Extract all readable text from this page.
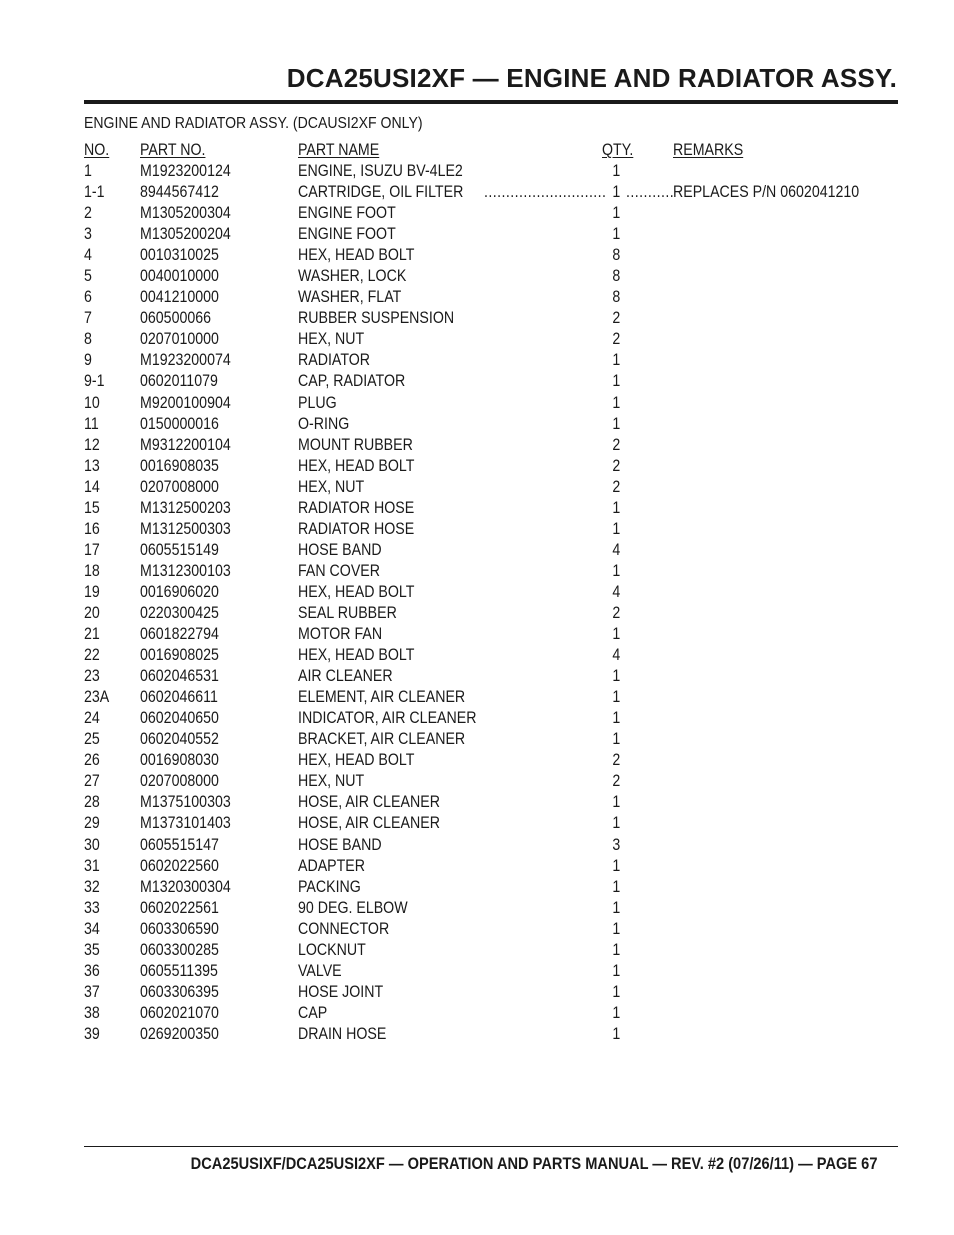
DCA25USI2XF — ENGINE AND RADIATOR ASSY.
ENGINE AND RADIATOR ASSY. (DCAUSI2XF ONLY)
NO. PART NO.	PART NAME	QTY. REMARKS
1	M1923200124	ENGINE, ISUZU BV-4LE2	1
1-1 8944567412	CARTRIDGE, OIL FILTER	1	REPLACES P/N 0602041210
............................ ...........
2	M1305200304	ENGINE FOOT	1
3	M1305200204	ENGINE FOOT	1
4	0010310025	HEX, HEAD BOLT	8
5	0040010000	WASHER, LOCK	8
6	0041210000	WASHER, FLAT	8
7	060500066	RUBBER SUSPENSION	2
8	0207010000	HEX, NUT	2
9	M1923200074	RADIATOR	1
9-1 0602011079	CAP, RADIATOR	1
10 M9200100904	PLUG	1
11	0150000016	O-RING	1
12 M9312200104	MOUNT RUBBER	2
13 0016908035	HEX, HEAD BOLT	2
14 0207008000	HEX, NUT	2
15 M1312500203	RADIATOR HOSE	1
16 M1312500303	RADIATOR HOSE	1
17 0605515149	HOSE BAND	4
18 M1312300103	FAN COVER	1
19 0016906020	HEX, HEAD BOLT	4
20 0220300425	SEAL RUBBER	2
21 0601822794	MOTOR FAN	1
22 0016908025	HEX, HEAD BOLT	4
23 0602046531	AIR CLEANER	1
23A 0602046611	ELEMENT, AIR CLEANER	1
24 0602040650	INDICATOR, AIR CLEANER	1
25 0602040552	BRACKET, AIR CLEANER	1
26 0016908030	HEX, HEAD BOLT	2
27 0207008000	HEX, NUT	2
28 M1375100303	HOSE, AIR CLEANER	1
29 M1373101403	HOSE, AIR CLEANER	1
30 0605515147	HOSE BAND	3
31 0602022560	ADAPTER	1
32 M1320300304	PACKING	1
33 0602022561	90 DEG. ELBOW	1
34 0603306590	CONNECTOR	1
35 0603300285	LOCKNUT	1
36 0605511395	VALVE	1
37 0603306395	HOSE JOINT	1
38 0602021070	CAP	1
39 0269200350	DRAIN HOSE	1
DCA25USIXF/DCA25USI2XF — OPERATION AND PARTS MANUAL — REV. #2 (07/26/11) — PAGE 67
